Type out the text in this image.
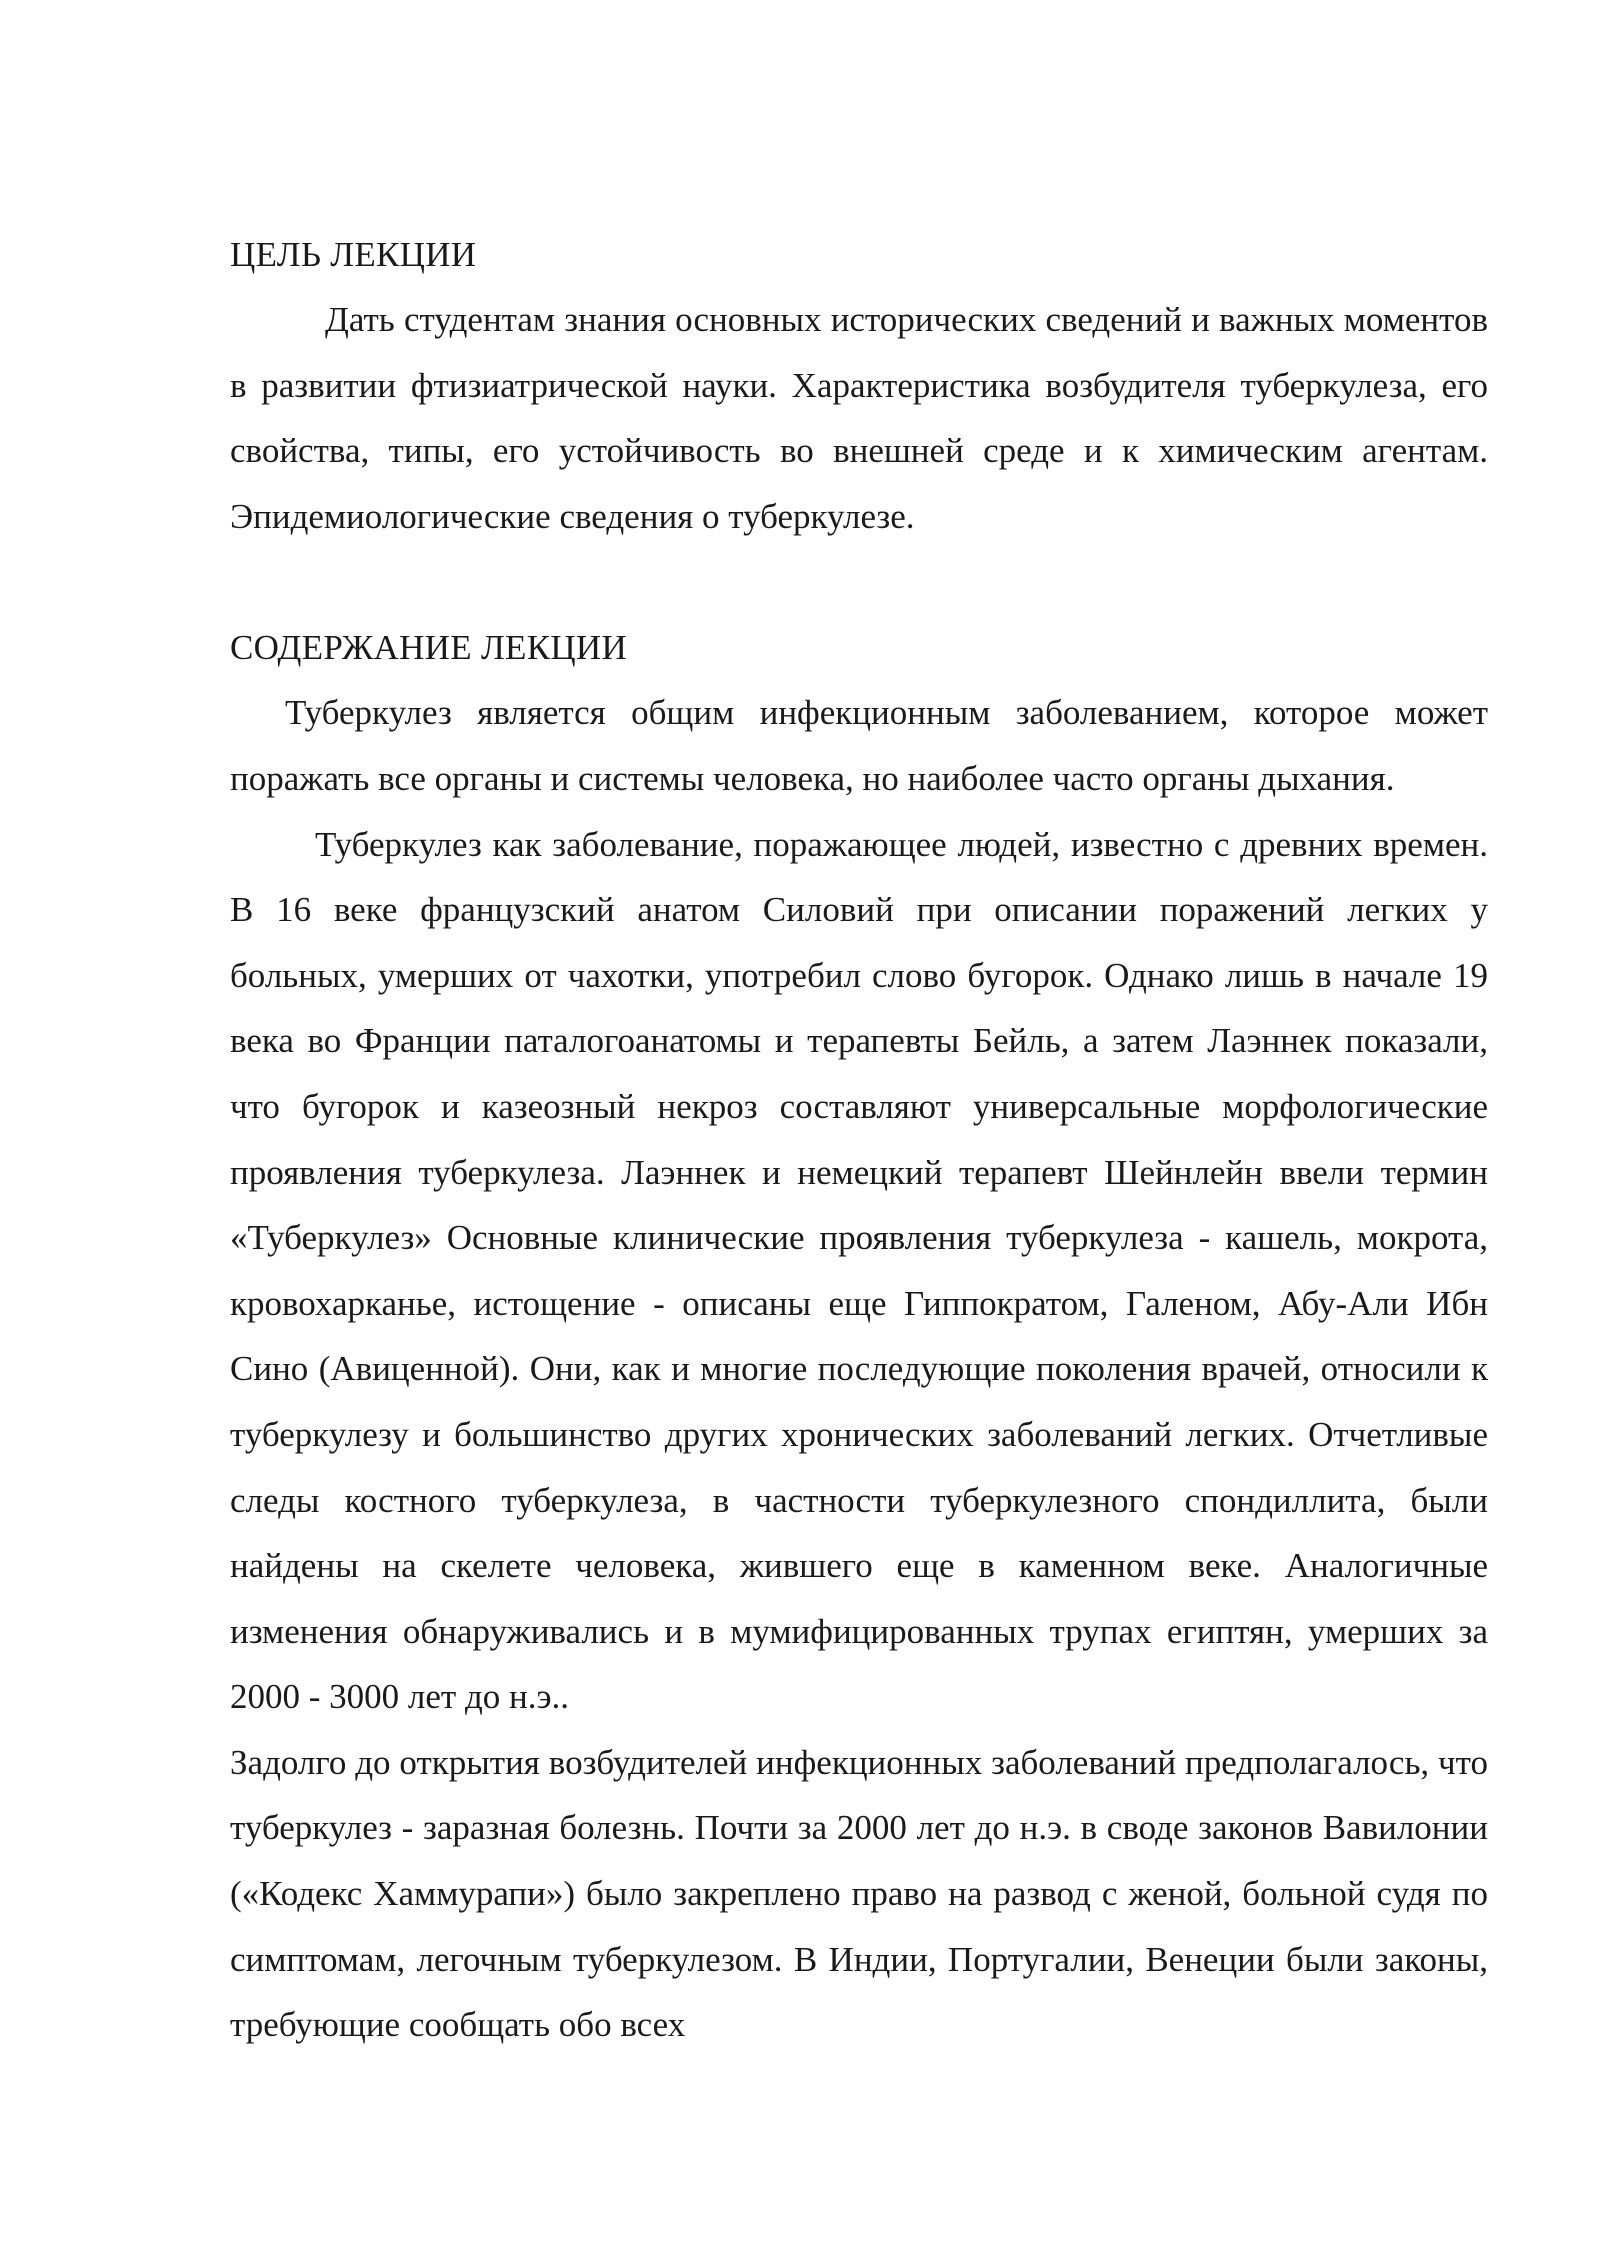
ЦЕЛЬ ЛЕКЦИИ

Дать студентам знания основных исторических сведений и важных моментов в развитии фтизиатрической науки. Характеристика возбудителя туберкулеза, его свойства, типы, его устойчивость во внешней среде и к химическим агентам. Эпидемиологические сведения о туберкулезе.

СОДЕРЖАНИЕ ЛЕКЦИИ

Туберкулез является общим инфекционным заболеванием, которое может поражать все органы и системы человека, но наиболее часто органы дыхания.

Туберкулез как заболевание, поражающее людей, известно с древних времен. В 16 веке французский анатом Силовий при описании поражений легких у больных, умерших от чахотки, употребил слово бугорок. Однако лишь в начале 19 века во Франции паталогоанатомы и терапевты Бейль, а затем Лаэннек показали, что бугорок и казеозный некроз составляют универсальные морфологические проявления туберкулеза. Лаэннек и немецкий терапевт Шейнлейн ввели термин «Туберкулез» Основные клинические проявления туберкулеза - кашель, мокрота, кровохарканье, истощение - описаны еще Гиппократом, Галеном, Абу-Али Ибн Сино (Авиценной). Они, как и многие последующие поколения врачей, относили к туберкулезу и большинство других хронических заболеваний легких. Отчетливые следы костного туберкулеза, в частности туберкулезного спондиллита, были найдены на скелете человека, жившего еще в каменном веке. Аналогичные изменения обнаруживались и в мумифицированных трупах египтян, умерших за 2000 - 3000 лет до н.э..

Задолго до открытия возбудителей инфекционных заболеваний предполагалось, что туберкулез - заразная болезнь. Почти за 2000 лет до н.э. в своде законов Вавилонии («Кодекс Хаммурапи») было закреплено право на развод с женой, больной судя по симптомам, легочным туберкулезом. В Индии, Португалии, Венеции были законы, требующие сообщать обо всех
